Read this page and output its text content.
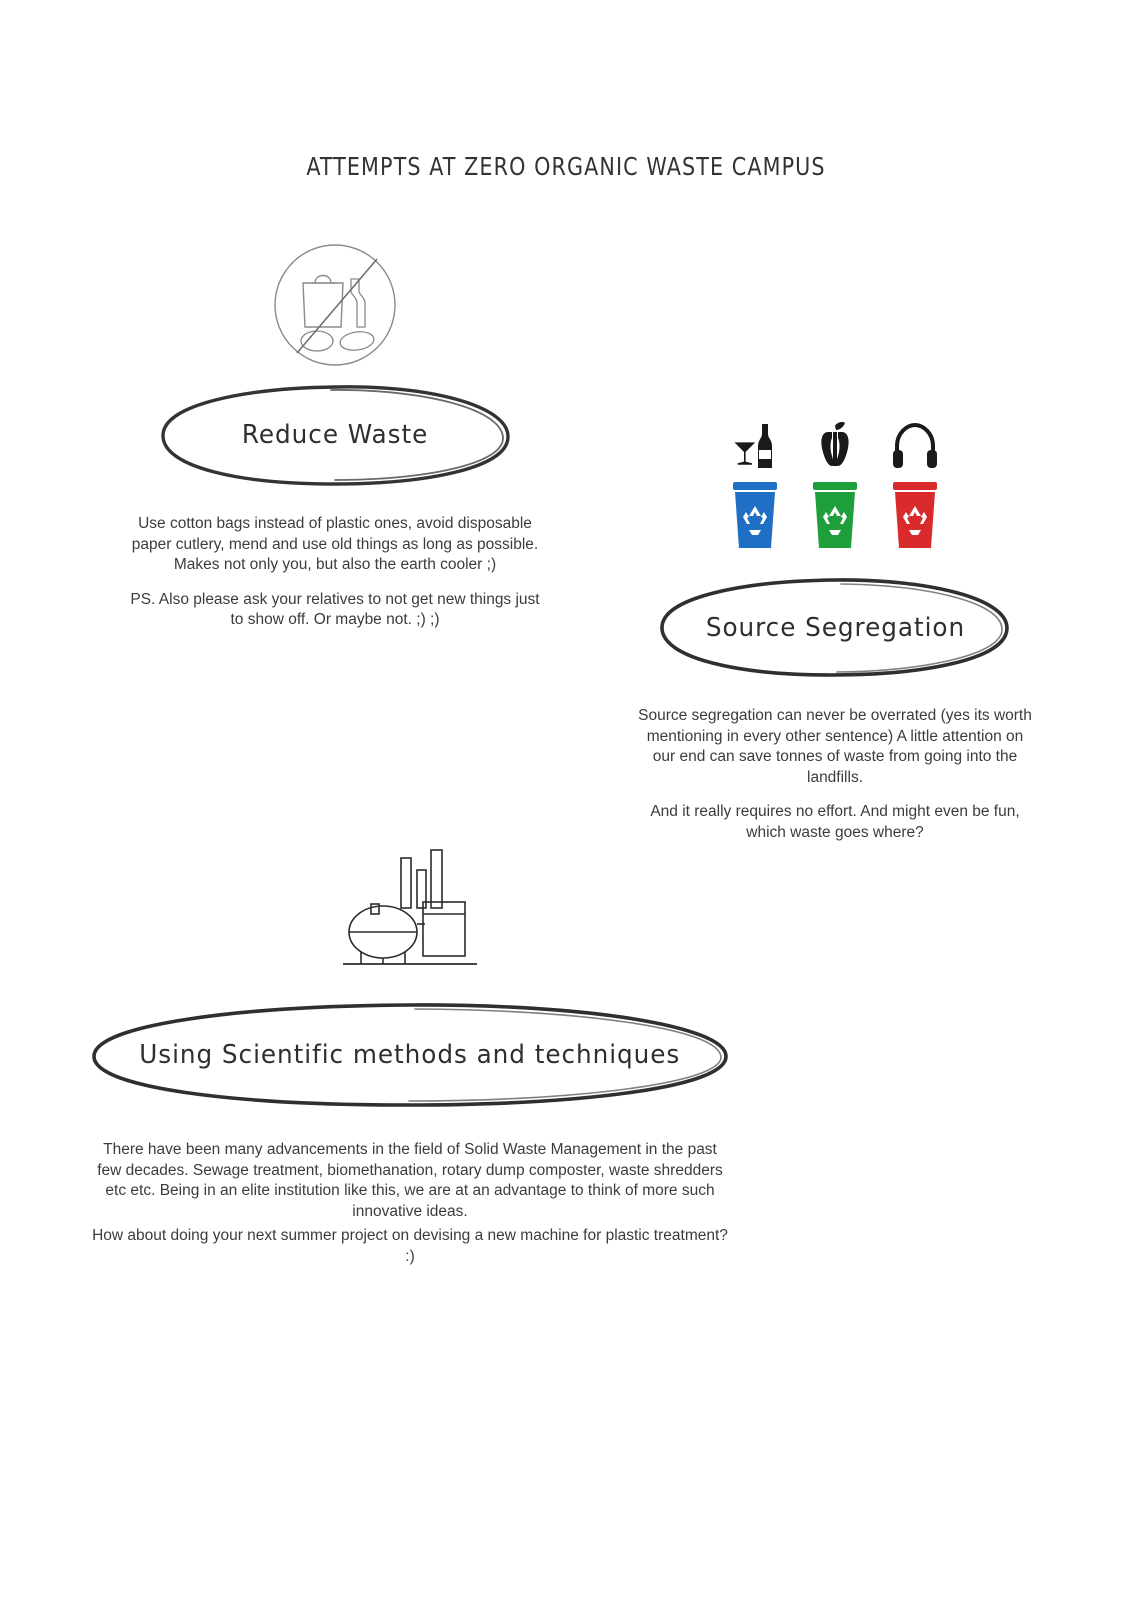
ATTEMPTS AT ZERO ORGANIC WASTE CAMPUS
Reduce Waste

Use cotton bags instead of plastic ones, avoid disposable paper cutlery, mend and use old things as long as possible. Makes not only you, but also the earth cooler ;)

PS. Also please ask your relatives to not get new things just to show off. Or maybe not. ;) ;)	Source Segregation

Source segregation can never be overrated (yes its worth mentioning in every other sentence) A little attention on our end can save tonnes of waste from going into the landfills.

And it really requires no effort. And might even be fun, which waste goes where?

Using Scientific methods and techniques

There have been many advancements in the field of Solid Waste Management in the past few decades. Sewage treatment, biomethanation, rotary dump composter, waste shredders etc etc. Being in an elite institution like this, we are at an advantage to think of more such innovative ideas.

How about doing your next summer project on devising a new machine for plastic treatment? :)
